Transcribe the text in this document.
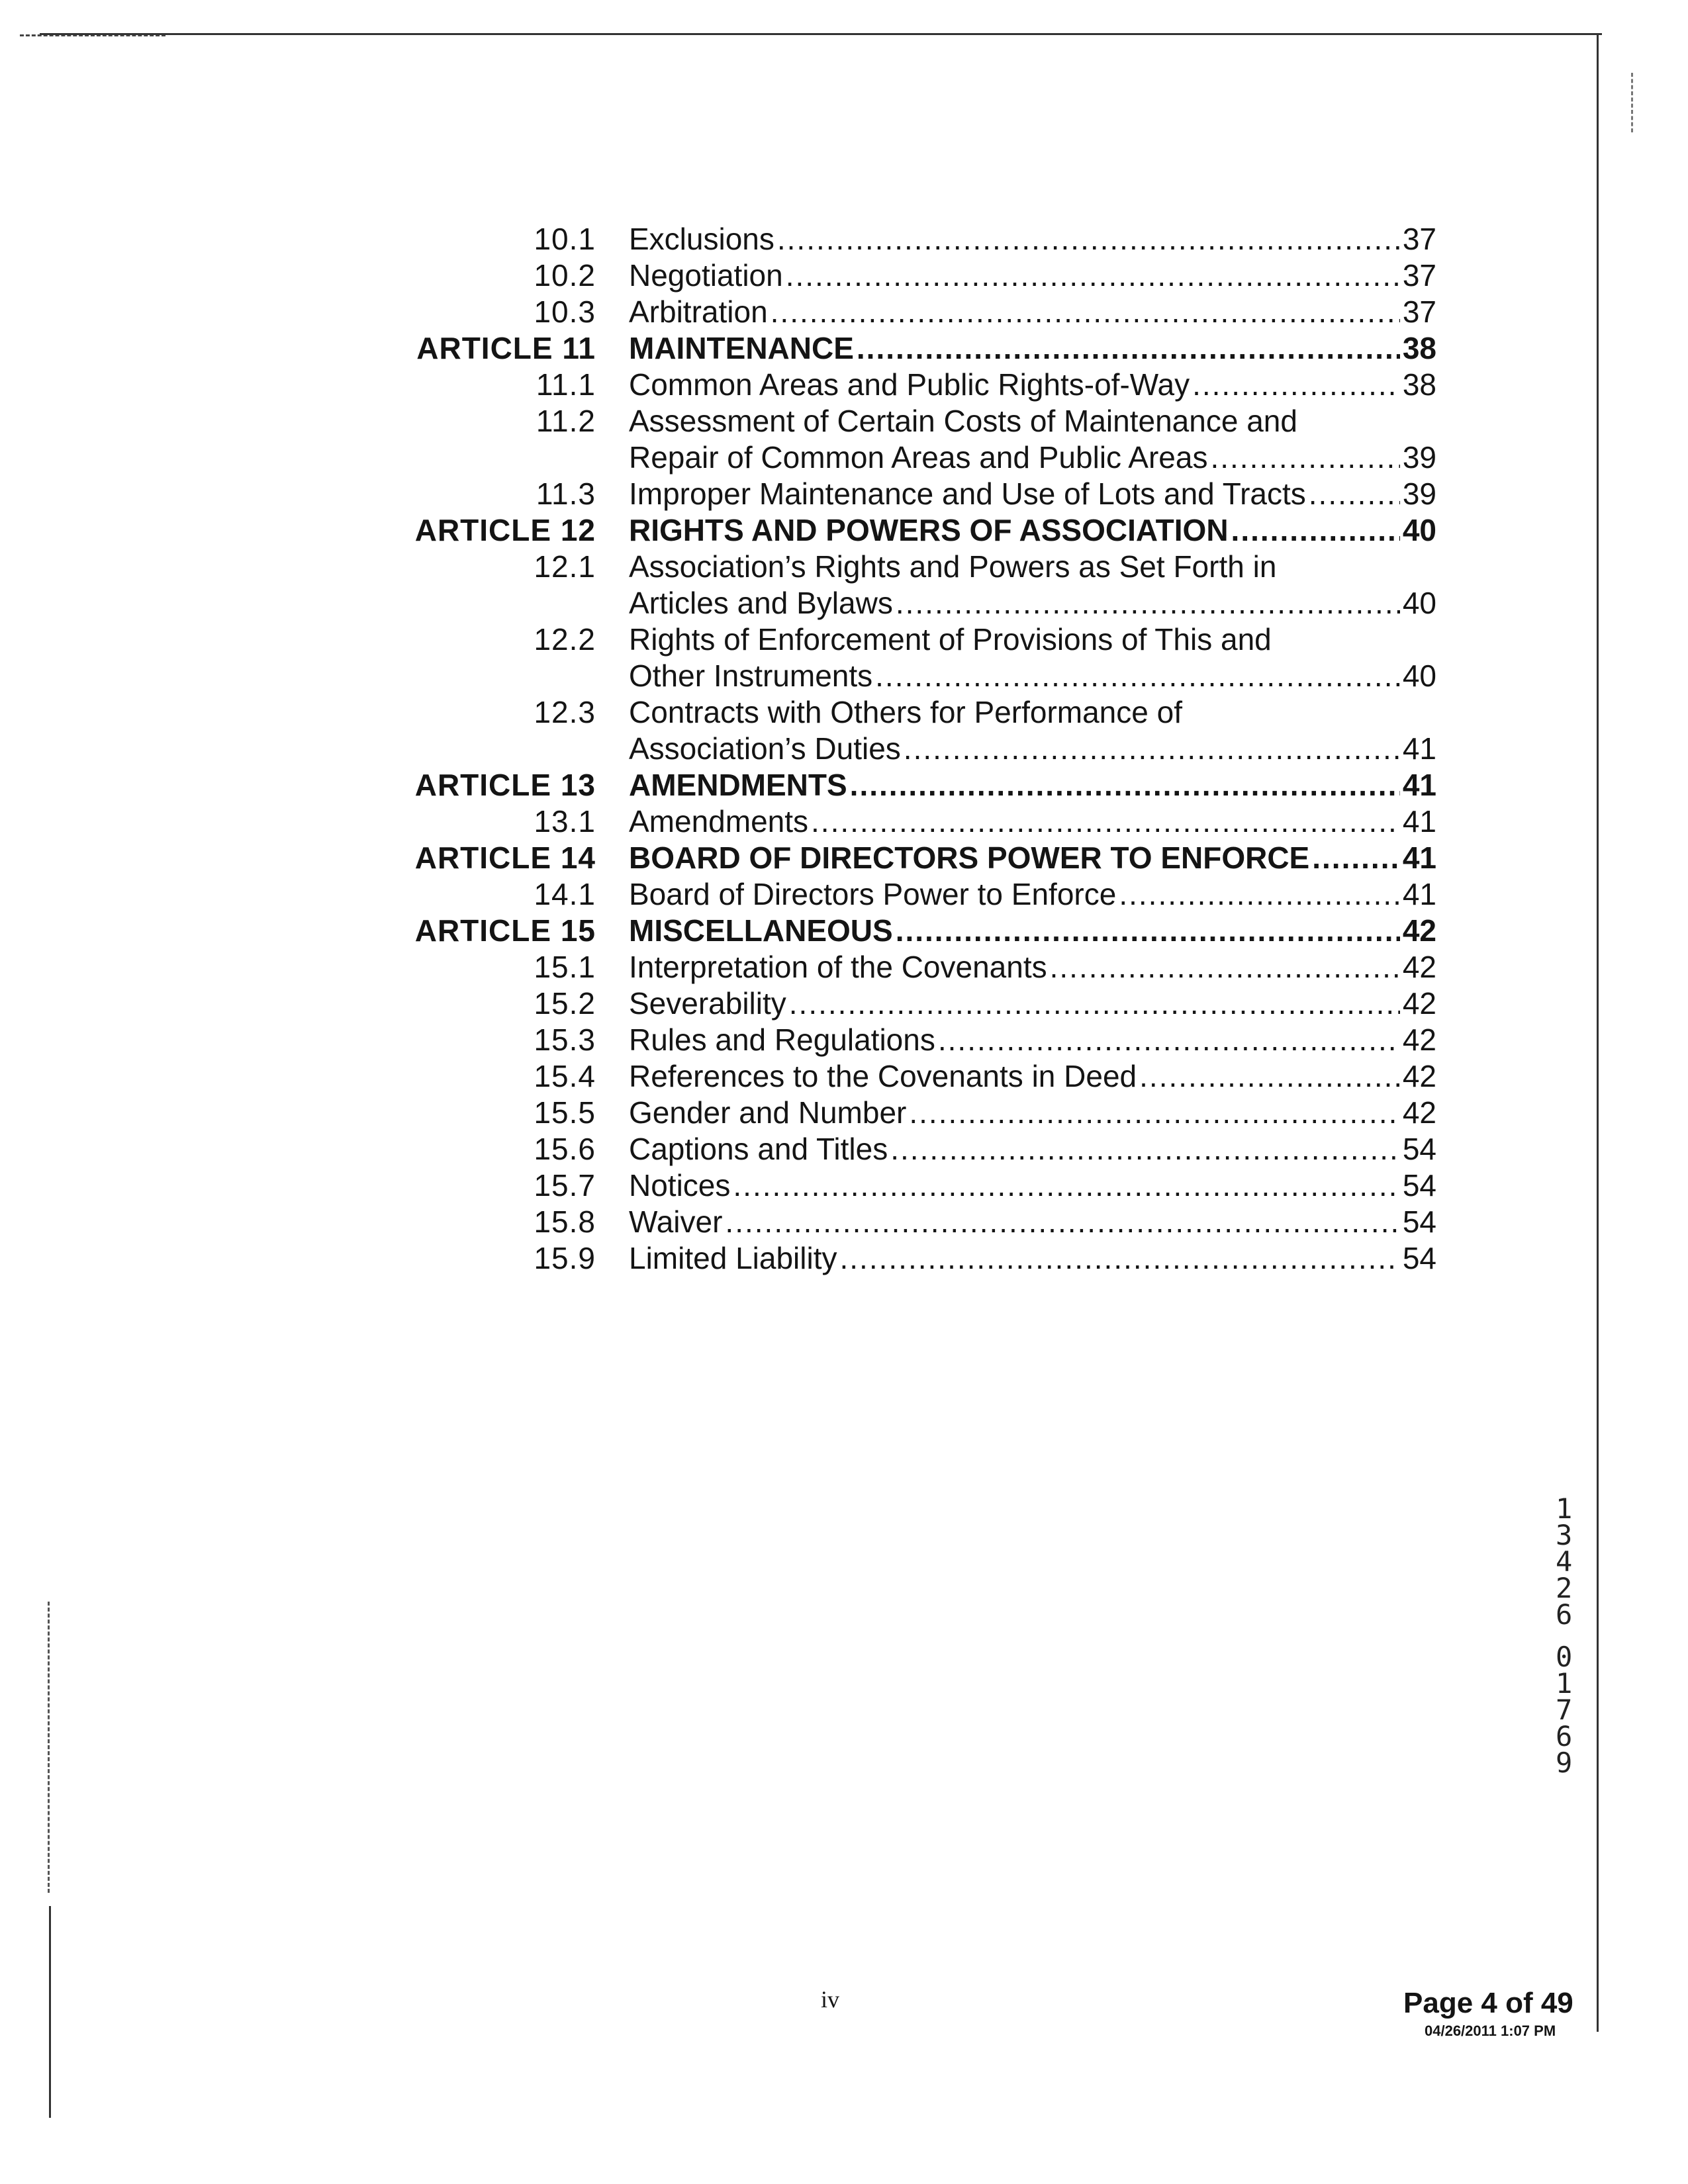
10.1 Exclusions .....	37
10.2 Negotiation .....	37
10.3 Arbitration .....	37
ARTICLE 11 MAINTENANCE .....	38
11.1 Common Areas and Public Rights-of-Way .....	38
11.2 Assessment of Certain Costs of Maintenance and
Repair of Common Areas and Public Areas .....	39
11.3 Improper Maintenance and Use of Lots and Tracts .....	39
ARTICLE 12 RIGHTS AND POWERS OF ASSOCIATION .....	40
12.1 Association’s Rights and Powers as Set Forth in
Articles and Bylaws .....	40
12.2 Rights of Enforcement of Provisions of This and
Other Instruments .....	40
12.3 Contracts with Others for Performance of
Association’s Duties .....	41
ARTICLE 13 AMENDMENTS .....	41
13.1 Amendments .....	41
ARTICLE 14 BOARD OF DIRECTORS POWER TO ENFORCE .....	41
14.1 Board of Directors Power to Enforce .....	41
ARTICLE 15 MISCELLANEOUS .....	42
15.1 Interpretation of the Covenants .....	42
15.2 Severability .....	42
15.3 Rules and Regulations .....	42
15.4 References to the Covenants in Deed .....	42
15.5 Gender and Number .....	42
15.6 Captions and Titles .....	54
15.7 Notices .....	54
15.8 Waiver .....	54
15.9 Limited Liability .....	54
1
3
4
2
6
0
1
7
6
9
iv	Page 4 of 49
04/26/2011 1:07 PM
